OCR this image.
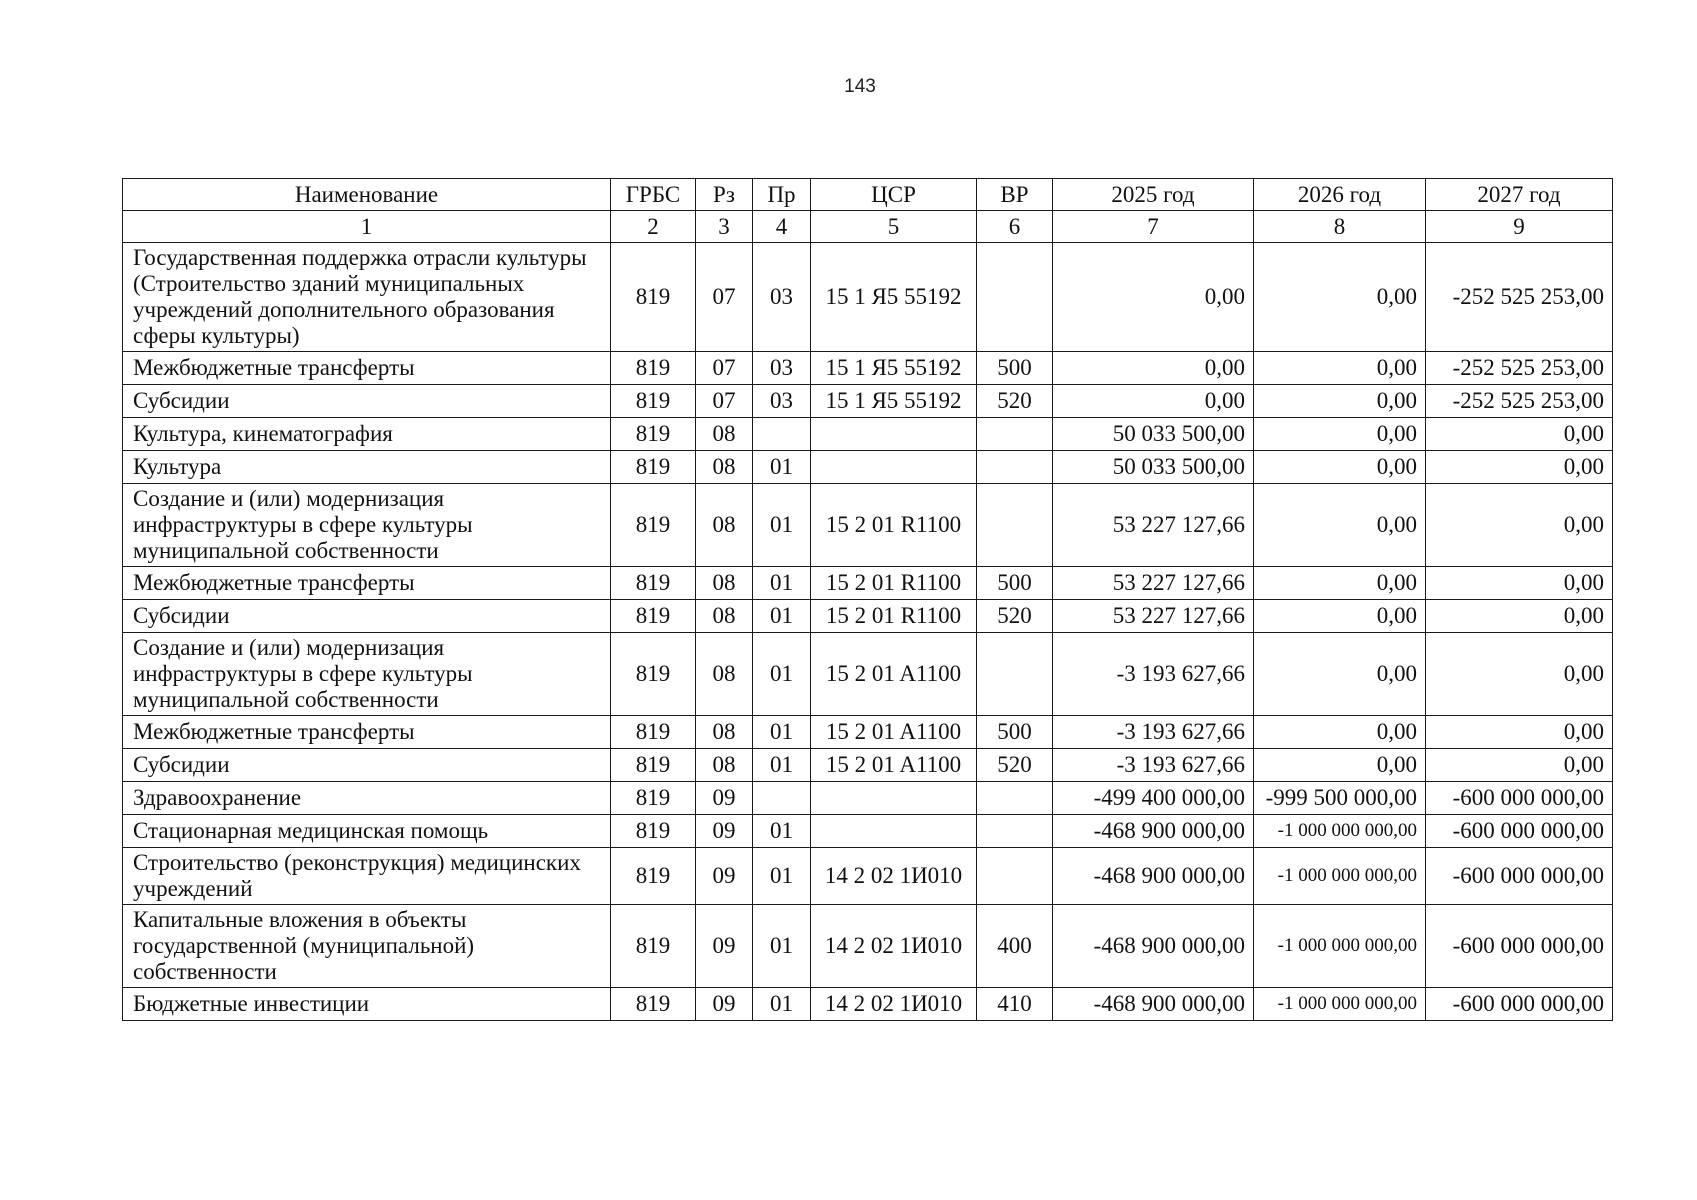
143
Наименование	ГРБС	Рз	Пр	ЦСР	ВР	2025 год	2026 год	2027 год
1	2	3	4	5	6	7	8	9
Государственная поддержка отрасли культуры (Строительство зданий муниципальных учреждений дополнительного образования сферы культуры)	819	07	03	15 1 Я5 55192		0,00	0,00	-252 525 253,00
Межбюджетные трансферты	819	07	03	15 1 Я5 55192	500	0,00	0,00	-252 525 253,00
Субсидии	819	07	03	15 1 Я5 55192	520	0,00	0,00	-252 525 253,00
Культура, кинематография	819	08				50 033 500,00	0,00	0,00
Культура	819	08	01			50 033 500,00	0,00	0,00
Создание и (или) модернизация инфраструктуры в сфере культуры муниципальной собственности	819	08	01	15 2 01 R1100		53 227 127,66	0,00	0,00
Межбюджетные трансферты	819	08	01	15 2 01 R1100	500	53 227 127,66	0,00	0,00
Субсидии	819	08	01	15 2 01 R1100	520	53 227 127,66	0,00	0,00
Создание и (или) модернизация инфраструктуры в сфере культуры муниципальной собственности	819	08	01	15 2 01 A1100		-3 193 627,66	0,00	0,00
Межбюджетные трансферты	819	08	01	15 2 01 A1100	500	-3 193 627,66	0,00	0,00
Субсидии	819	08	01	15 2 01 A1100	520	-3 193 627,66	0,00	0,00
Здравоохранение	819	09				-499 400 000,00	-999 500 000,00	-600 000 000,00
Стационарная медицинская помощь	819	09	01			-468 900 000,00	-1 000 000 000,00	-600 000 000,00
Строительство (реконструкция) медицинских учреждений	819	09	01	14 2 02 1И010		-468 900 000,00	-1 000 000 000,00	-600 000 000,00
Капитальные вложения в объекты государственной (муниципальной) собственности	819	09	01	14 2 02 1И010	400	-468 900 000,00	-1 000 000 000,00	-600 000 000,00
Бюджетные инвестиции	819	09	01	14 2 02 1И010	410	-468 900 000,00	-1 000 000 000,00	-600 000 000,00
